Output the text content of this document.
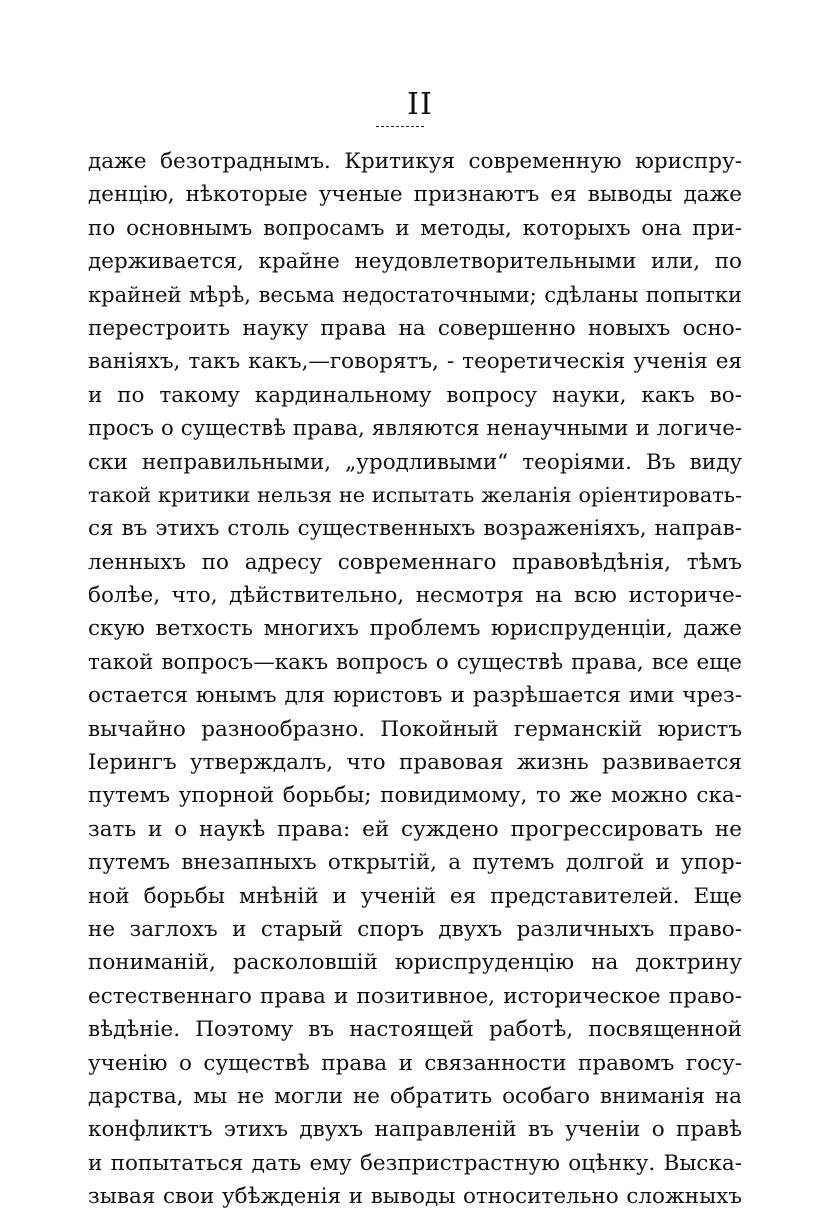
II
даже безотраднымъ. Критикуя современную юриспру-
денцію, нѣкоторые ученые признаютъ ея выводы даже
по основнымъ вопросамъ и методы, которыхъ она при-
держивается, крайне неудовлетворительными или, по
крайней мѣрѣ, весьма недостаточными; сдѣланы попытки
перестроить науку права на совершенно новыхъ осно-
ваніяхъ, такъ какъ,—говорятъ, - теоретическія ученія ея
и по такому кардинальному вопросу науки, какъ во-
просъ о существѣ права, являются ненаучными и логиче-
ски неправильными, „уродливыми“ теоріями. Въ виду
такой критики нельзя не испытать желанія оріентировать-
ся въ этихъ столь существенныхъ возраженіяхъ, направ-
ленныхъ по адресу современнаго правовѣдѣнія, тѣмъ
болѣе, что, дѣйствительно, несмотря на всю историче-
скую ветхость многихъ проблемъ юриспруденціи, даже
такой вопросъ—какъ вопросъ о существѣ права, все еще
остается юнымъ для юристовъ и разрѣшается ими чрез-
вычайно разнообразно. Покойный германскій юристъ
Іерингъ утверждалъ, что правовая жизнь развивается
путемъ упорной борьбы; повидимому, то же можно ска-
зать и о наукѣ права: ей суждено прогрессировать не
путемъ внезапныхъ открытій, а путемъ долгой и упор-
ной борьбы мнѣній и ученій ея представителей. Еще
не заглохъ и старый споръ двухъ различныхъ право-
пониманій, расколовшій юриспруденцію на доктрину
естественнаго права и позитивное, историческое право-
вѣдѣніе. Поэтому въ настоящей работѣ, посвященной
ученію о существѣ права и связанности правомъ госу-
дарства, мы не могли не обратить особаго вниманія на
конфликтъ этихъ двухъ направленій въ ученіи о правѣ
и попытаться дать ему безпристрастную оцѣнку. Выска-
зывая свои убѣжденія и выводы относительно сложныхъ
